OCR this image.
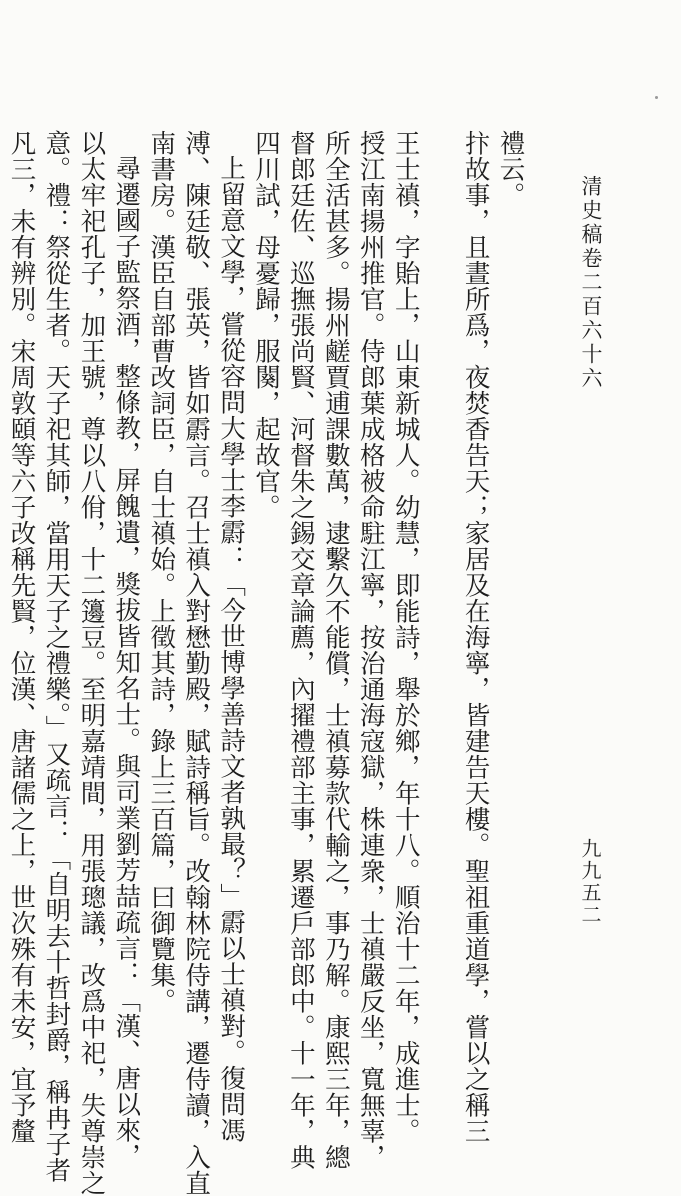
清史稿卷二百六十六
九九五二
禮云。
抃故事，且晝所爲，夜焚香告天；家居及在海寧，皆建告天樓。聖祖重道學，嘗以之稱三
王士禛，字貽上，山東新城人。幼慧，即能詩，舉於鄉，年十八。順治十二年，成進士。
授江南揚州推官。侍郎葉成格被命駐江寧，按治通海寇獄，株連衆，士禛嚴反坐，寬無辜，
所全活甚多。揚州鹺賈逋課數萬，逮繫久不能償，士禛募款代輸之，事乃解。康熙三年，總
督郎廷佐、巡撫張尚賢、河督朱之錫交章論薦，內擢禮部主事，累遷戶部郎中。十一年，典
四川試，母憂歸，服闋，起故官。
上留意文學，嘗從容問大學士李霨：「今世博學善詩文者孰最？」霨以士禛對。復問馮
溥、陳廷敬、張英，皆如霨言。召士禛入對懋勤殿，賦詩稱旨。改翰林院侍講，遷侍讀，入直
南書房。漢臣自部曹改詞臣，自士禛始。上徵其詩，錄上三百篇，曰御覽集。
尋遷國子監祭酒，整條教，屏餽遺，獎拔皆知名士。與司業劉芳喆疏言：「漢、唐以來，
以太牢祀孔子，加王號，尊以八佾，十二籩豆。至明嘉靖間，用張璁議，改爲中祀，失尊崇之
意。禮：祭從生者。天子祀其師，當用天子之禮樂。」又疏言：「自明去十哲封爵，稱冉子者
凡三，未有辨別。宋周敦頤等六子改稱先賢，位漢、唐諸儒之上，世次殊有未安，宜予釐
